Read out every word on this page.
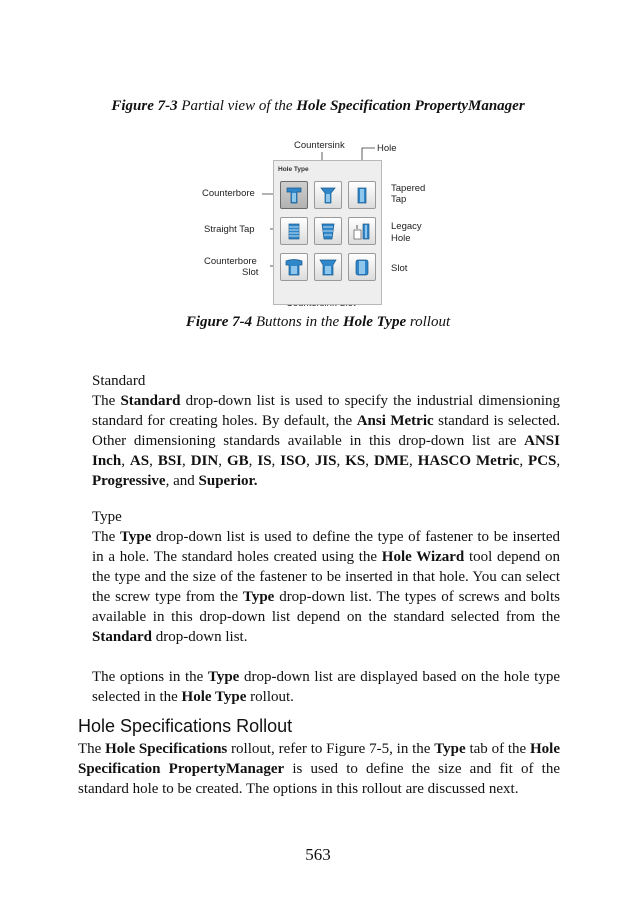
Figure 7-3 Partial view of the Hole Specification PropertyManager
Countersink	Hole
Counterbore	Tapered
Tap
Straight Tap	Legacy
Hole
Counterbore
Slot	Slot
Hole Type
Figure 7-4 Buttons in the Hole Type rollout
Standard
The Standard drop-down list is used to specify the industrial dimensioning standard for creating holes. By default, the Ansi Metric standard is selected. Other dimensioning standards available in this drop-down list are ANSI Inch, AS, BSI, DIN, GB, IS, ISO, JIS, KS, DME, HASCO Metric, PCS, Progressive, and Superior.
Type
The Type drop-down list is used to define the type of fastener to be inserted in a hole. The standard holes created using the Hole Wizard tool depend on the type and the size of the fastener to be inserted in that hole. You can select the screw type from the Type drop-down list. The types of screws and bolts available in this drop-down list depend on the standard selected from the Standard drop-down list.
The options in the Type drop-down list are displayed based on the hole type selected in the Hole Type rollout.
Hole Specifications Rollout
The Hole Specifications rollout, refer to Figure 7-5, in the Type tab of the Hole Specification PropertyManager is used to define the size and fit of the standard hole to be created. The options in this rollout are discussed next.
563
